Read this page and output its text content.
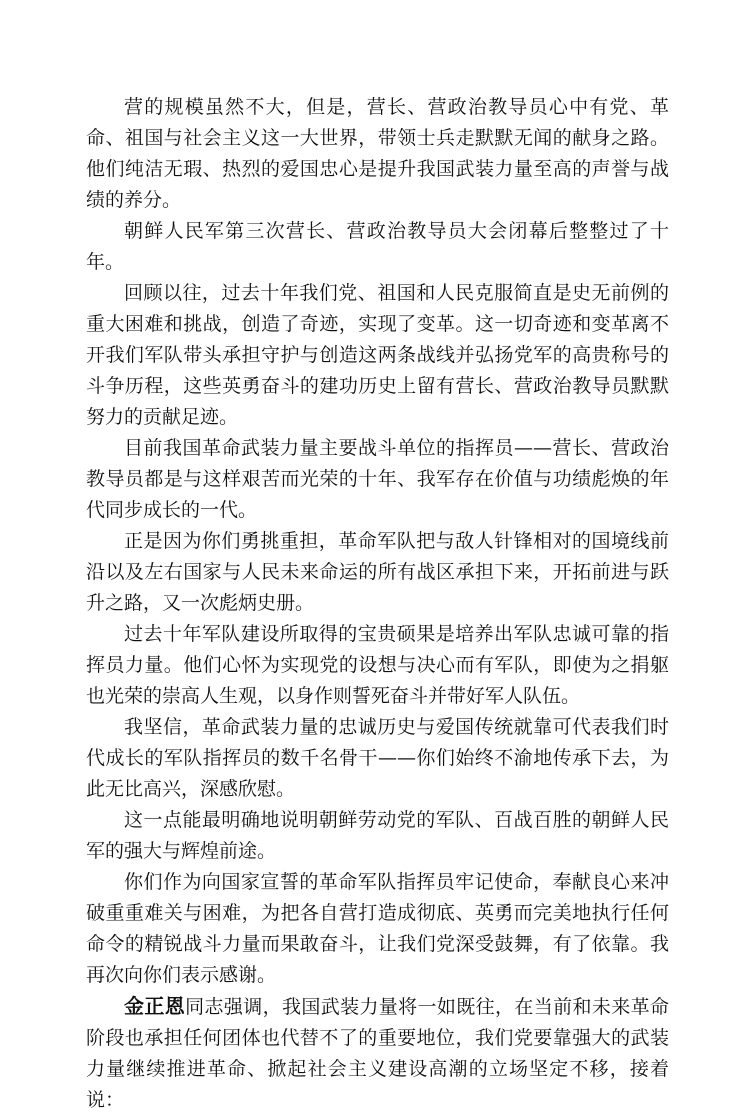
营的规模虽然不大，但是，营长、营政治教导员心中有党、革命、祖国与社会主义这一大世界，带领士兵走默默无闻的献身之路。他们纯洁无瑕、热烈的爱国忠心是提升我国武装力量至高的声誉与战绩的养分。

朝鲜人民军第三次营长、营政治教导员大会闭幕后整整过了十年。

回顾以往，过去十年我们党、祖国和人民克服简直是史无前例的重大困难和挑战，创造了奇迹，实现了变革。这一切奇迹和变革离不开我们军队带头承担守护与创造这两条战线并弘扬党军的高贵称号的斗争历程，这些英勇奋斗的建功历史上留有营长、营政治教导员默默努力的贡献足迹。

目前我国革命武装力量主要战斗单位的指挥员——营长、营政治教导员都是与这样艰苦而光荣的十年、我军存在价值与功绩彪焕的年代同步成长的一代。

正是因为你们勇挑重担，革命军队把与敌人针锋相对的国境线前沿以及左右国家与人民未来命运的所有战区承担下来，开拓前进与跃升之路，又一次彪炳史册。

过去十年军队建设所取得的宝贵硕果是培养出军队忠诚可靠的指挥员力量。他们心怀为实现党的设想与决心而有军队，即使为之捐躯也光荣的崇高人生观，以身作则誓死奋斗并带好军人队伍。

我坚信，革命武装力量的忠诚历史与爱国传统就靠可代表我们时代成长的军队指挥员的数千名骨干——你们始终不渝地传承下去，为此无比高兴，深感欣慰。

这一点能最明确地说明朝鲜劳动党的军队、百战百胜的朝鲜人民军的强大与辉煌前途。

你们作为向国家宣誓的革命军队指挥员牢记使命，奉献良心来冲破重重难关与困难，为把各自营打造成彻底、英勇而完美地执行任何命令的精锐战斗力量而果敢奋斗，让我们党深受鼓舞，有了依靠。我再次向你们表示感谢。

金正恩同志强调，我国武装力量将一如既往，在当前和未来革命阶段也承担任何团体也代替不了的重要地位，我们党要靠强大的武装力量继续推进革命、掀起社会主义建设高潮的立场坚定不移，接着说：
